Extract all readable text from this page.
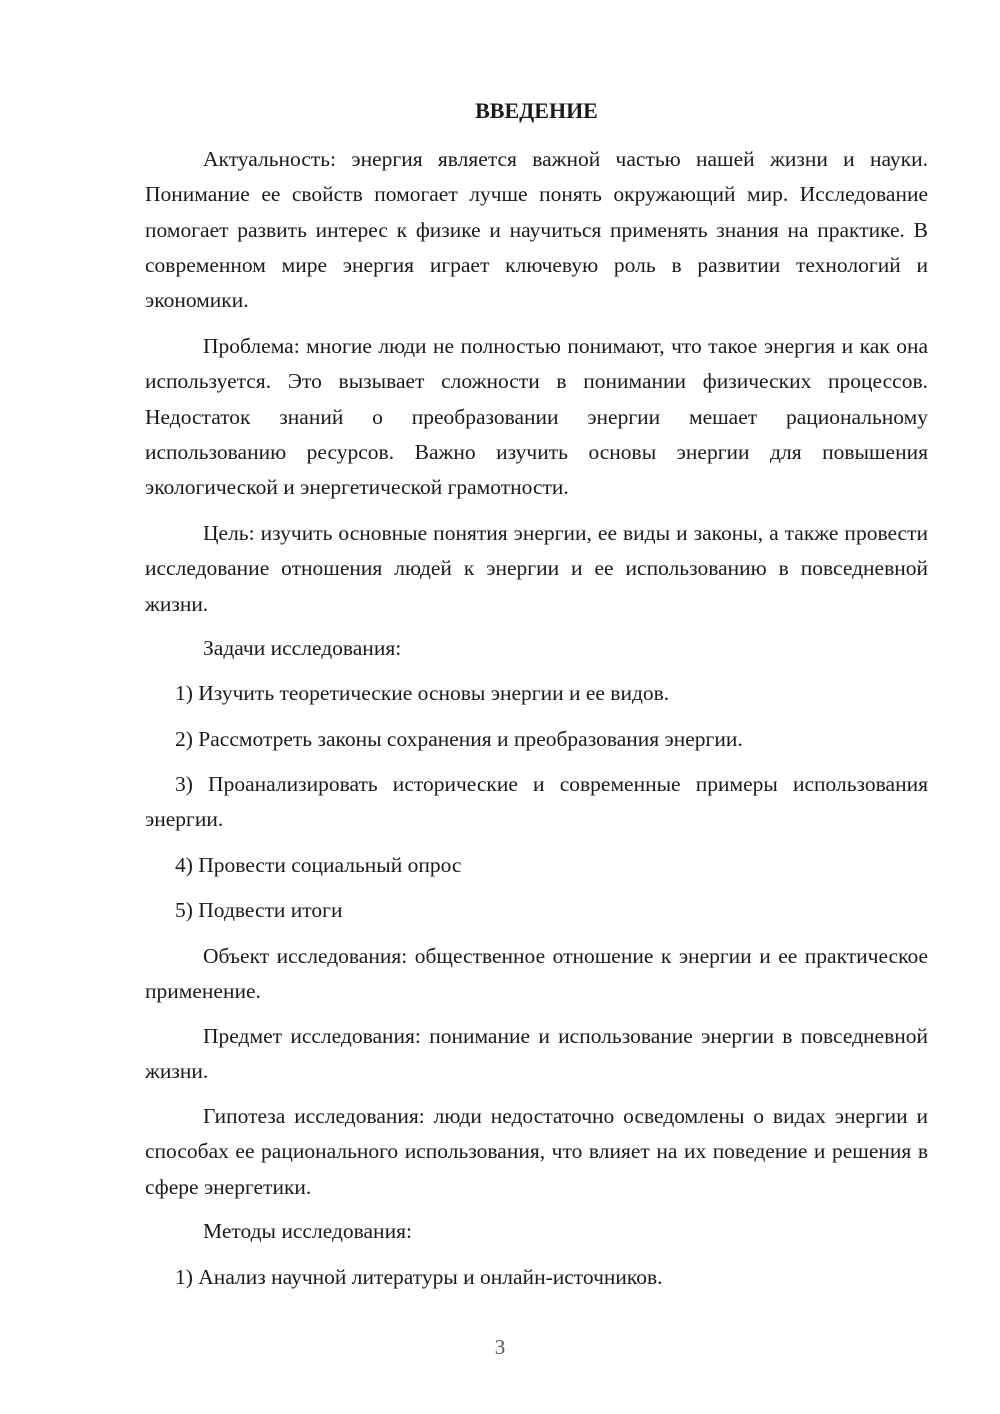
ВВЕДЕНИЕ

Актуальность: энергия является важной частью нашей жизни и науки. Понимание ее свойств помогает лучше понять окружающий мир. Исследование помогает развить интерес к физике и научиться применять знания на практике. В современном мире энергия играет ключевую роль в развитии технологий и экономики.

Проблема: многие люди не полностью понимают, что такое энергия и как она используется. Это вызывает сложности в понимании физических процессов. Недостаток знаний о преобразовании энергии мешает рациональному использованию ресурсов. Важно изучить основы энергии для повышения экологической и энергетической грамотности.

Цель: изучить основные понятия энергии, ее виды и законы, а также провести исследование отношения людей к энергии и ее использованию в повседневной жизни.

Задачи исследования:

1) Изучить теоретические основы энергии и ее видов.

2) Рассмотреть законы сохранения и преобразования энергии.

3) Проанализировать исторические и современные примеры использования энергии.

4) Провести социальный опрос

5) Подвести итоги

Объект исследования: общественное отношение к энергии и ее практическое применение.

Предмет исследования: понимание и использование энергии в повседневной жизни.

Гипотеза исследования: люди недостаточно осведомлены о видах энергии и способах ее рационального использования, что влияет на их поведение и решения в сфере энергетики.

Методы исследования:

1) Анализ научной литературы и онлайн-источников.

3
